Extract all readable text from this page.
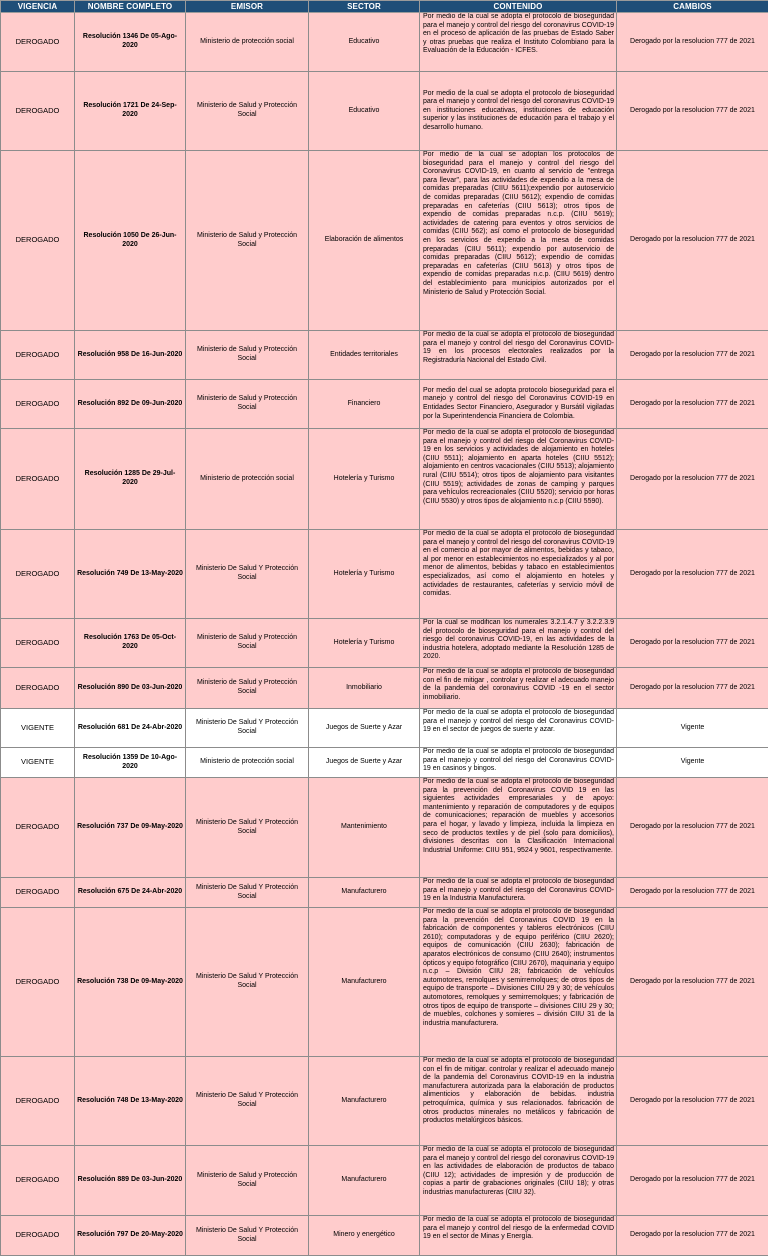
VIGENCIA	NOMBRE COMPLETO	EMISOR	SECTOR	CONTENIDO	CAMBIOS
DEROGADO	Resolución 1346 De 05-Ago-2020	Ministerio de protección social	Educativo	Por medio de la cual se adopta el protocolo de bioseguridad para el manejo y control del riesgo del coronavirus COVID-19 en el proceso de aplicación de las pruebas de Estado Saber y otras pruebas que realiza el Instituto Colombiano para la Evaluación de la Educación - ICFES.	Derogado por la resolucion 777 de 2021
DEROGADO	Resolución 1721 De 24-Sep-2020	Ministerio de Salud y Protección Social	Educativo	Por medio de la cual se adopta el protocolo de bioseguridad para el manejo y control del riesgo del coronavirus COVID-19 en instituciones educativas, instituciones de educación superior y las instituciones de educación para el trabajo y el desarrollo humano.	Derogado por la resolucion 777 de 2021
DEROGADO	Resolución 1050 De 26-Jun-2020	Ministerio de Salud y Protección Social	Elaboración de alimentos	Por medio de la cual se adoptan los protocolos de bioseguridad para el manejo y control del riesgo del Coronavirus COVID-19, en cuanto al servicio de "entrega para llevar", para las actividades de expendio a la mesa de comidas preparadas (CIIU 5611);expendio por autoservicio de comidas preparadas (CIIU 5612); expendio de comidas preparadas en cafeterías (CIIU 5613); otros tipos de expendio de comidas preparadas n.c.p. (CIIU 5619); actividades de catering para eventos y otros servicios de comidas (CIIU 562); así como el protocolo de bioseguridad en los servicios de expendio a la mesa de comidas preparadas (CIIU 5611); expendio por autoservicio de comidas preparadas (CIIU 5612); expendio de comidas preparadas en cafeterías (CIIU 5613) y otros tipos de expendio de comidas preparadas n.c.p. (CIIU 5619) dentro del establecimiento para municipios autorizados por el Ministerio de Salud y Protección Social.	Derogado por la resolucion 777 de 2021
DEROGADO	Resolución 958 De 16-Jun-2020	Ministerio de Salud y Protección Social	Entidades territoriales	Por medio de la cual se adopta el protocolo de bioseguridad para el manejo y control del riesgo del Coronavirus COVID-19 en los procesos electorales realizados por la Registraduría Nacional del Estado Civil.	Derogado por la resolucion 777 de 2021
DEROGADO	Resolución 892 De 09-Jun-2020	Ministerio de Salud y Protección Social	Financiero	Por medio del cual se adopta protocolo bioseguridad para el manejo y control del riesgo del Coronavirus COVID-19 en Entidades Sector Financiero, Asegurador y Bursátil vigiladas por la Superintendencia Financiera de Colombia.	Derogado por la resolucion 777 de 2021
DEROGADO	Resolución 1285 De 29-Jul-2020	Ministerio de protección social	Hotelería y Turismo	Por medio de la cual se adopta el protocolo de bioseguridad para el manejo y control del riesgo del Coronavirus COVID-19 en los servicios y actividades de alojamiento en hoteles (CIIU 5511); alojamiento en aparta hoteles (CIIU 5512); alojamiento en centros vacacionales (CIIU 5513); alojamiento rural (CIIU 5514); otros tipos de alojamiento para visitantes (CIIU 5519); actividades de zonas de camping y parques para vehículos recreacionales (CIIU 5520); servicio por horas (CIIU 5530) y otros tipos de alojamiento n.c.p (CIIU 5590).	Derogado por la resolucion 777 de 2021
DEROGADO	Resolución 749 De 13-May-2020	Ministerio De Salud Y Protección Social	Hotelería y Turismo	Por medio de la cual se adopta el protocolo de bioseguridad para el manejo y control del riesgo del coronavirus COVID-19 en el comercio al por mayor de alimentos, bebidas y tabaco, al por menor en establecimientos no especializados y al por menor de alimentos, bebidas y tabaco en establecimientos especializados, así como el alojamiento en hoteles y actividades de restaurantes, cafeterías y servicio móvil de comidas.	Derogado por la resolucion 777 de 2021
DEROGADO	Resolución 1763 De 05-Oct-2020	Ministerio de Salud y Protección Social	Hotelería y Turismo	Por la cual se modifican los numerales 3.2.1.4.7 y 3.2.2.3.9 del protocolo de bioseguridad para el manejo y control del riesgo del coronavirus COVID-19, en las actividades de la industria hotelera, adoptado mediante la Resolución 1285 de 2020.	Derogado por la resolucion 777 de 2021
DEROGADO	Resolución 890 De 03-Jun-2020	Ministerio de Salud y Protección Social	Inmobiliario	Por medio de la cual se adopta el protocolo de bioseguridad con el fin de mitigar , controlar y realizar el adecuado manejo de la pandemia del coronavirus COVID -19 en el sector inmobiliario.	Derogado por la resolucion 777 de 2021
VIGENTE	Resolución 681 De 24-Abr-2020	Ministerio De Salud Y Protección Social	Juegos de Suerte y Azar	Por medio de la cual se adopta el protocolo de bioseguridad para el manejo y control del riesgo del Coronavirus COVID-19 en el sector de juegos de suerte y azar.	Vigente
VIGENTE	Resolución 1359 De 10-Ago-2020	Ministerio de protección social	Juegos de Suerte y Azar	Por medio de la cual se adopta el protocolo de bioseguridad para el manejo y control del riesgo del Coronavirus COVID-19 en casinos y bingos.	Vigente
DEROGADO	Resolución 737 De 09-May-2020	Ministerio De Salud Y Protección Social	Mantenimiento	Por medio de la cual se adopta el protocolo de bioseguridad para la prevención del Coronavirus COVID 19 en las siguientes actividades empresariales y de apoyo: mantenimiento y reparación de computadores y de equipos de comunicaciones; reparación de muebles y accesorios para el hogar, y lavado y limpieza, incluida la limpieza en seco de productos textiles y de piel (solo para domicilios), divisiones descritas con la Clasificación Internacional Industrial Uniforme: CIIU 951, 9524 y 9601, respectivamente.	Derogado por la resolucion 777 de 2021
DEROGADO	Resolución 675 De 24-Abr-2020	Ministerio De Salud Y Protección Social	Manufacturero	Por medio de la cual se adopta el protocolo de bioseguridad para el manejo y control del riesgo del Coronavirus COVID-19 en la Industria Manufacturera.	Derogado por la resolucion 777 de 2021
DEROGADO	Resolución 738 De 09-May-2020	Ministerio De Salud Y Protección Social	Manufacturero	Por medio de la cual se adopta el protocolo de bioseguridad para la prevención del Coronavirus COVID 19 en la fabricación de componentes y tableros electrónicos (CIIU 2610); computadoras y de equipo periférico (CIIU 2620); equipos de comunicación (CIIU 2630); fabricación de aparatos electrónicos de consumo (CIIU 2640); instrumentos ópticos y equipo fotográfico (CIIU 2670), maquinaria y equipo n.c.p – División CIIU 28; fabricación de vehículos automotores, remolques y semirremolques; de otros tipos de equipo de transporte – Divisiones CIIU 29 y 30; de vehículos automotores, remolques y semirremolques; y fabricación de otros tipos de equipo de transporte – divisiones CIIU 29 y 30; de muebles, colchones y somieres – división CIIU 31 de la industria manufacturera.	Derogado por la resolucion 777 de 2021
DEROGADO	Resolución 748 De 13-May-2020	Ministerio De Salud Y Protección Social	Manufacturero	Por medio de la cual se adopta el protocolo de bioseguridad con el fin de mitigar. controlar y realizar el adecuado manejo de la pandemia del Coronavirus COVID-19 en la industria manufacturera autorizada para la elaboración de productos alimenticios y elaboración de bebidas. industria petroquímica, química y sus relacionados. fabricación de otros productos minerales no metálicos y fabricación de productos metalúrgicos básicos.	Derogado por la resolucion 777 de 2021
DEROGADO	Resolución 889 De 03-Jun-2020	Ministerio de Salud y Protección Social	Manufacturero	Por medio de la cual se adopta el protocolo de bioseguridad para el manejo y control del riesgo del coronavirus COVID-19 en las actividades de elaboración de productos de tabaco (CIIU 12); actividades de impresión y de producción de copias a partir de grabaciones originales (CIIU 18); y otras industrias manufactureras (CIIU 32).	Derogado por la resolucion 777 de 2021
DEROGADO	Resolución 797 De 20-May-2020	Ministerio De Salud Y Protección Social	Minero y energético	Por medio de la cual se adopta el protocolo de bioseguridad para el manejo y control del riesgo de la enfermedad COVID 19 en el sector de Minas y Energía.	Derogado por la resolucion 777 de 2021
